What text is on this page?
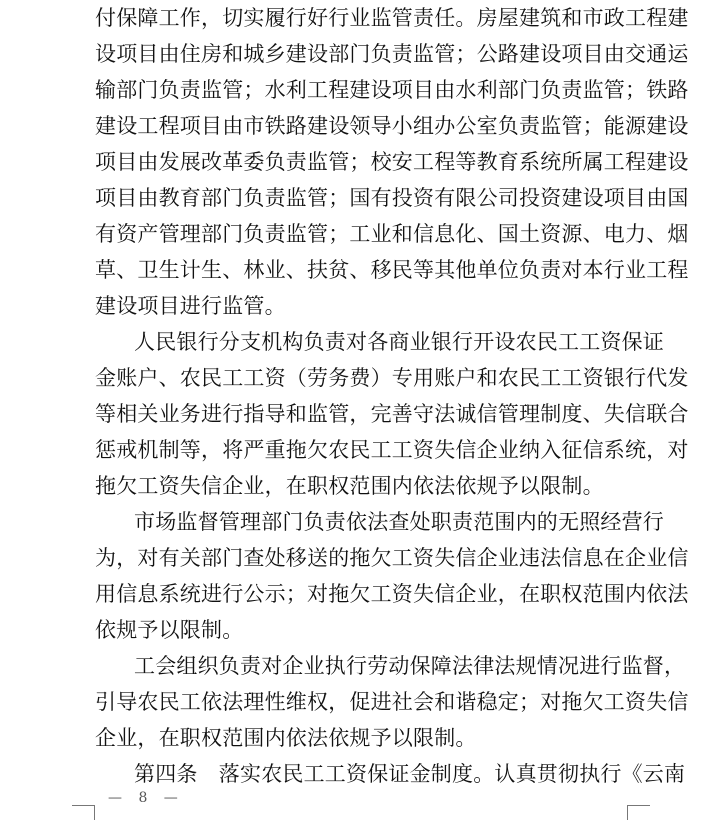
付保障工作，切实履行好行业监管责任。房屋建筑和市政工程建
设项目由住房和城乡建设部门负责监管；公路建设项目由交通运
输部门负责监管；水利工程建设项目由水利部门负责监管；铁路
建设工程项目由市铁路建设领导小组办公室负责监管；能源建设
项目由发展改革委负责监管；校安工程等教育系统所属工程建设
项目由教育部门负责监管；国有投资有限公司投资建设项目由国
有资产管理部门负责监管；工业和信息化、国土资源、电力、烟
草、卫生计生、林业、扶贫、移民等其他单位负责对本行业工程
建设项目进行监管。
人民银行分支机构负责对各商业银行开设农民工工资保证
金账户、农民工工资（劳务费）专用账户和农民工工资银行代发
等相关业务进行指导和监管，完善守法诚信管理制度、失信联合
惩戒机制等，将严重拖欠农民工工资失信企业纳入征信系统，对
拖欠工资失信企业，在职权范围内依法依规予以限制。
市场监督管理部门负责依法查处职责范围内的无照经营行
为，对有关部门查处移送的拖欠工资失信企业违法信息在企业信
用信息系统进行公示；对拖欠工资失信企业，在职权范围内依法
依规予以限制。
工会组织负责对企业执行劳动保障法律法规情况进行监督，
引导农民工依法理性维权，促进社会和谐稳定；对拖欠工资失信
企业，在职权范围内依法依规予以限制。
第四条　落实农民工工资保证金制度。认真贯彻执行《云南
— 8 —
